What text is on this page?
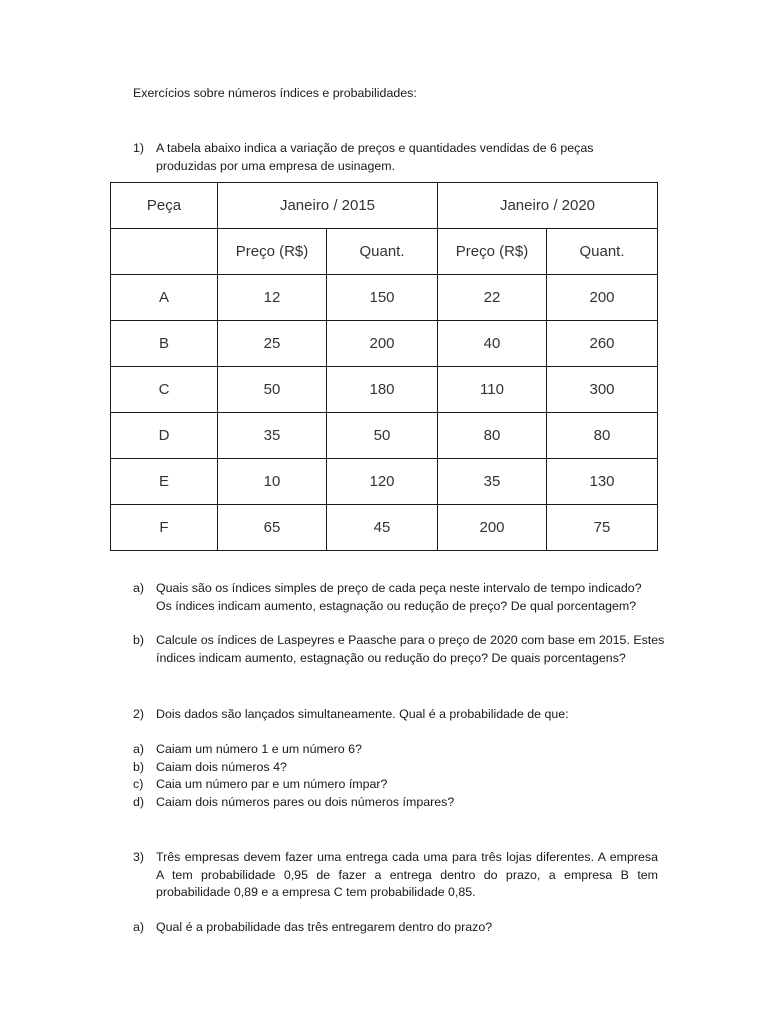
Exercícios sobre números índices e probabilidades:
1) A tabela abaixo indica a variação de preços e quantidades vendidas de 6 peças
produzidas por uma empresa de usinagem.
Peça	Janeiro / 2015		Janeiro / 2020	
	Preço (R$)	Quant.	Preço (R$)	Quant.
A	12	150	22	200
B	25	200	40	260
C	50	180	110	300
D	35	50	80	80
E	10	120	35	130
F	65	45	200	75
a) Quais são os índices simples de preço de cada peça neste intervalo de tempo indicado?
Os índices indicam aumento, estagnação ou redução de preço? De qual porcentagem?
b) Calcule os índices de Laspeyres e Paasche para o preço de 2020 com base em 2015. Estes
índices indicam aumento, estagnação ou redução do preço? De quais porcentagens?
2) Dois dados são lançados simultaneamente. Qual é a probabilidade de que:
a) Caiam um número 1 e um número 6?
b) Caiam dois números 4?
c) Caia um número par e um número ímpar?
d) Caiam dois números pares ou dois números ímpares?
3) Três empresas devem fazer uma entrega cada uma para três lojas diferentes. A empresa
A tem probabilidade 0,95 de fazer a entrega dentro do prazo, a empresa B tem
probabilidade 0,89 e a empresa C tem probabilidade 0,85.
a) Qual é a probabilidade das três entregarem dentro do prazo?
